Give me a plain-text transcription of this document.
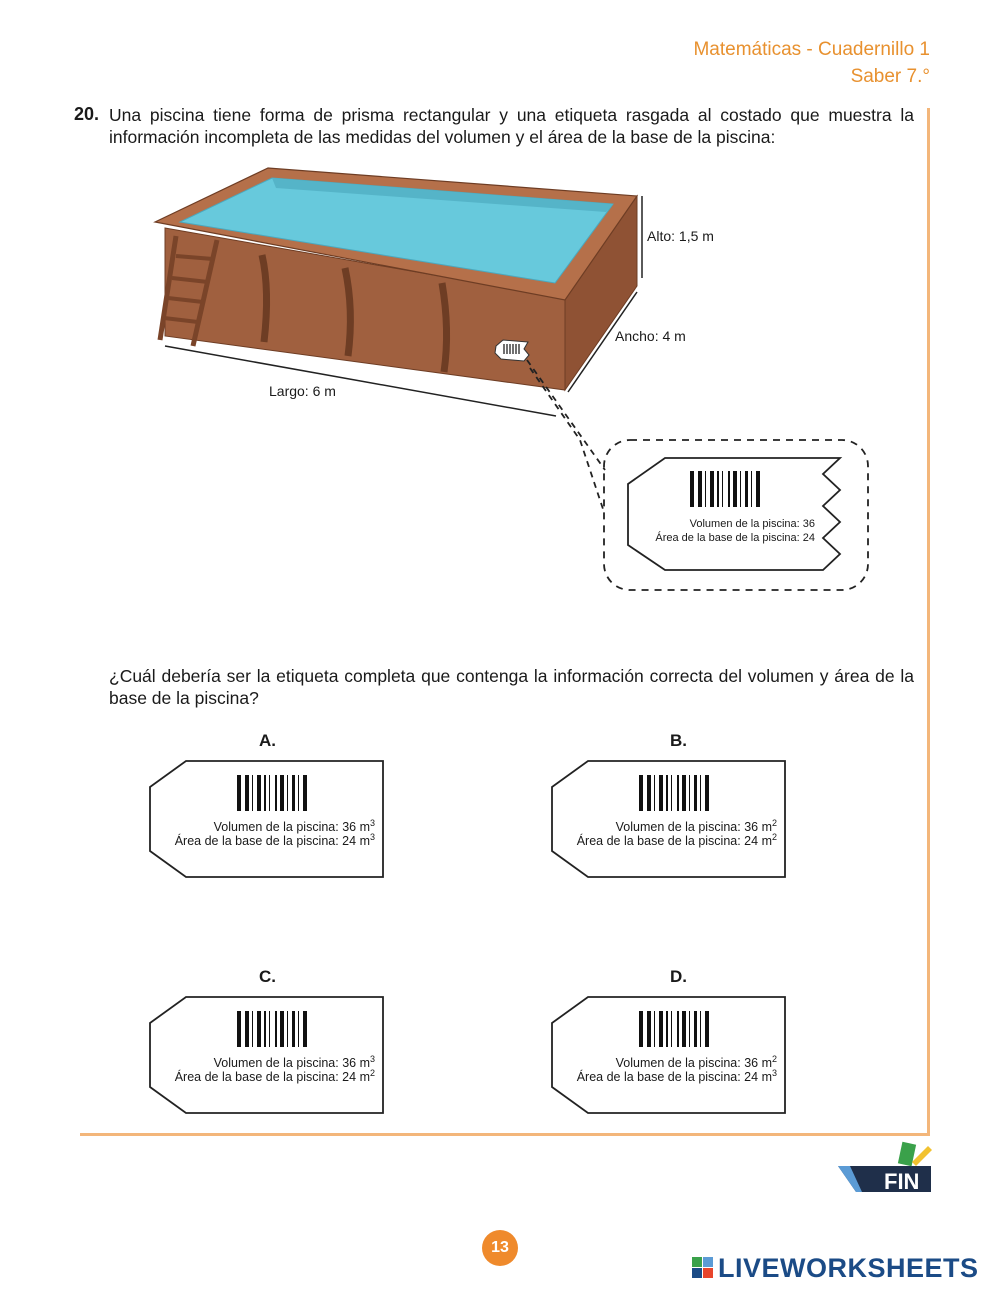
Matemáticas - Cuadernillo 1
Saber 7.°
20. Una piscina tiene forma de prisma rectangular y una etiqueta rasgada al costado que muestra la información incompleta de las medidas del volumen y el área de la base de la piscina:
Alto: 1,5 m
Ancho: 4 m
Largo: 6 m
Volumen de la piscina: 36
Área de la base de la piscina: 24
¿Cuál debería ser la etiqueta completa que contenga la información correcta del volumen y área de la base de la piscina?
A.	B.
C.	D.
Volumen de la piscina: 36 $m^3$
Área de la base de la piscina: 24 $m^3$
Volumen de la piscina: 36 $m^2$
Área de la base de la piscina: 24 $m^2$
Volumen de la piscina: 36 $m^3$
Área de la base de la piscina: 24 $m^2$
Volumen de la piscina: 36 $m^2$
Área de la base de la piscina: 24 $m^3$
FIN
13
LIVEWORKSHEETS
